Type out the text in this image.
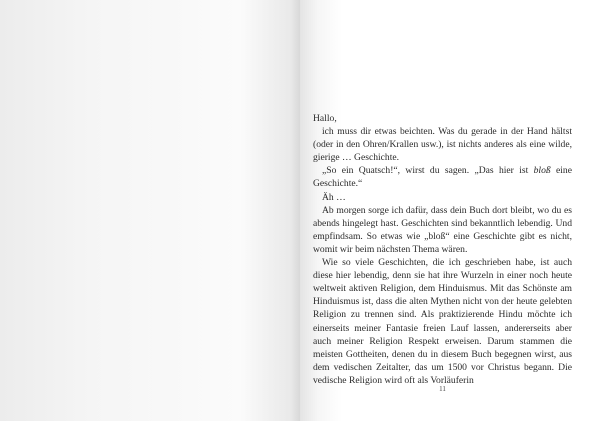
Hallo,

ich muss dir etwas beichten. Was du gerade in der Hand hältst (oder in den Ohren/Krallen usw.), ist nichts anderes als eine wilde, gierige … Geschichte.

„So ein Quatsch!“, wirst du sagen. „Das hier ist bloß eine Geschichte.“

Äh …

Ab morgen sorge ich dafür, dass dein Buch dort bleibt, wo du es abends hingelegt hast. Geschichten sind bekanntlich lebendig. Und empfindsam. So etwas wie „bloß“ eine Geschichte gibt es nicht, womit wir beim nächsten Thema wären.

Wie so viele Geschichten, die ich geschrieben habe, ist auch diese hier lebendig, denn sie hat ihre Wurzeln in einer noch heute weltweit aktiven Religion, dem Hinduismus. Mit das Schönste am Hinduismus ist, dass die alten Mythen nicht von der heute gelebten Religion zu trennen sind. Als praktizierende Hindu möchte ich einerseits meiner Fantasie freien Lauf lassen, andererseits aber auch meiner Religion Respekt erweisen. Darum stammen die meisten Gottheiten, denen du in diesem Buch begegnen wirst, aus dem vedischen Zeitalter, das um 1500 vor Christus begann. Die vedische Religion wird oft als Vorläuferin

11
